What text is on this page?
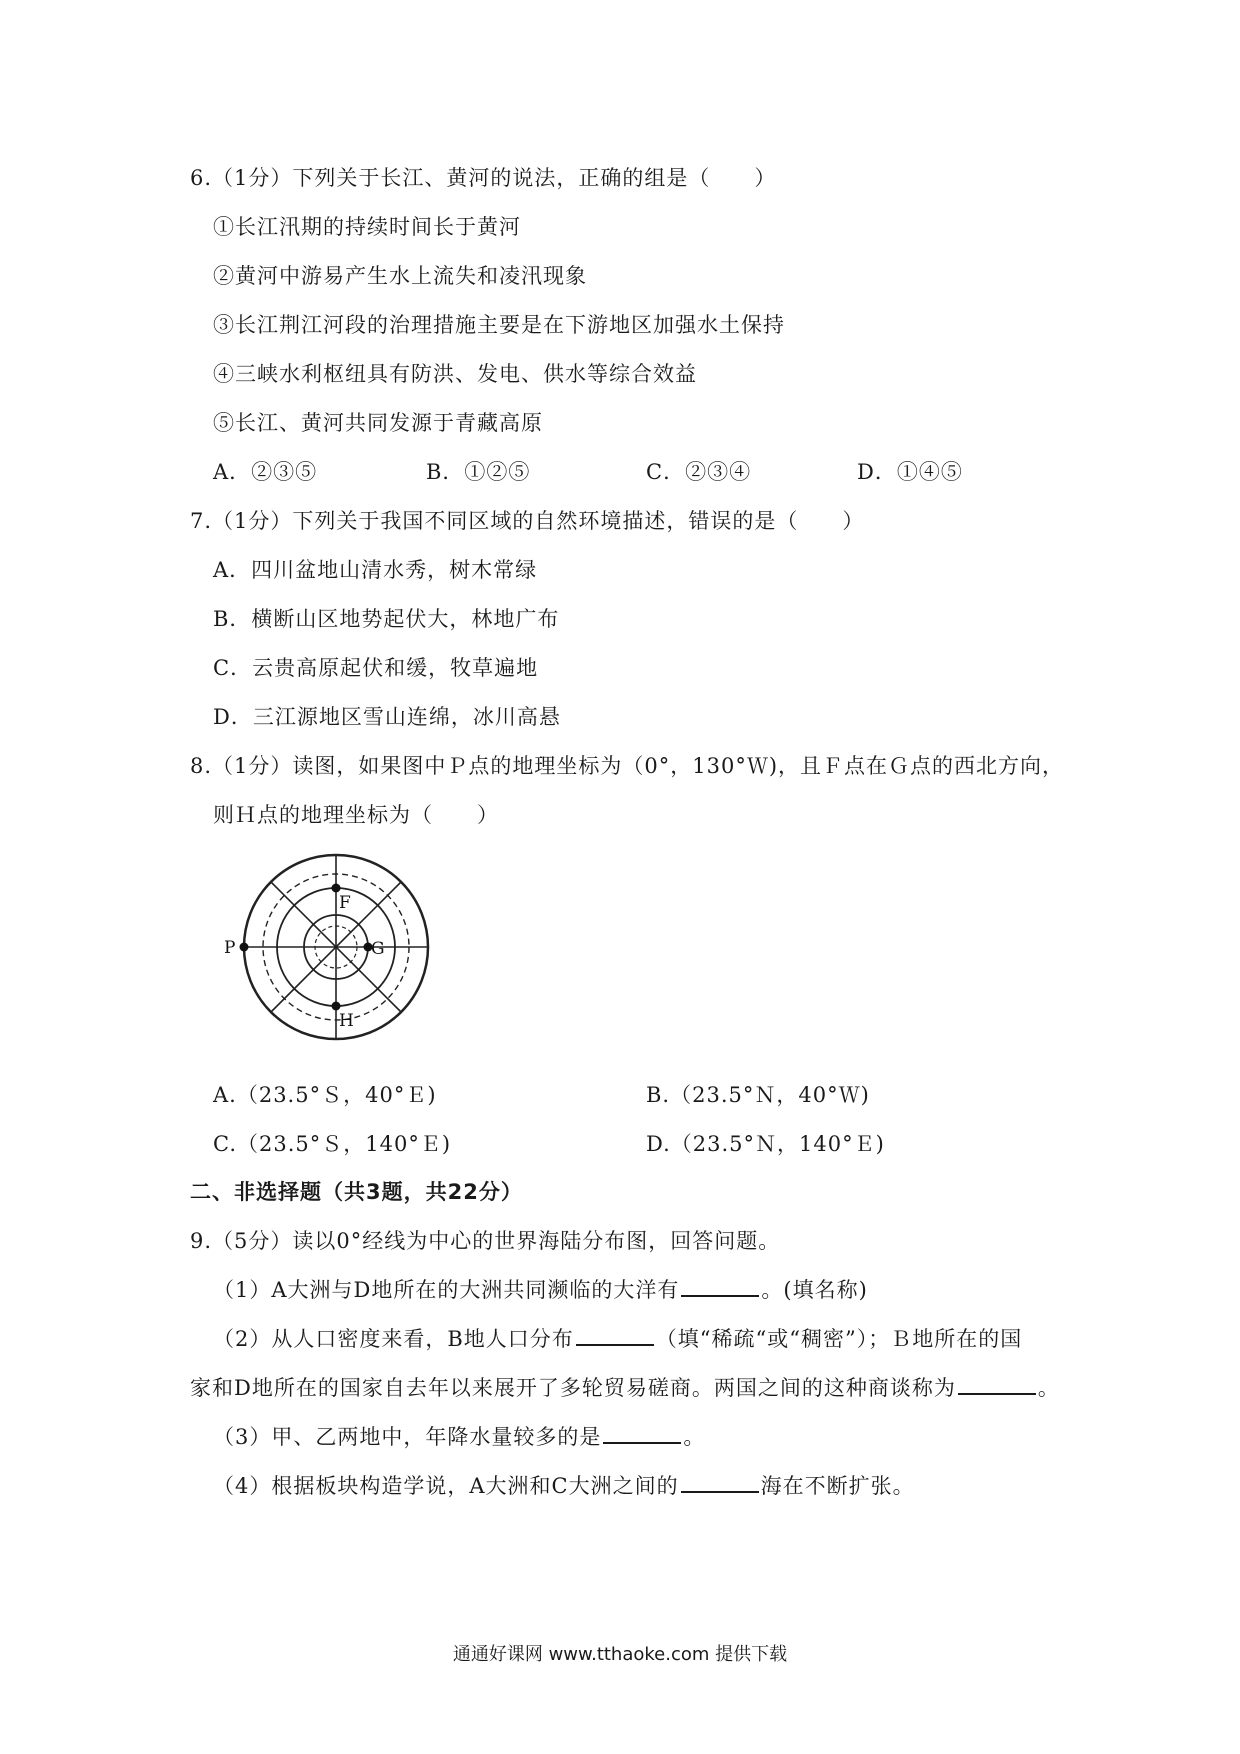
6.（1分）下列关于长江、黄河的说法，正确的组是（　　）
①长江汛期的持续时间长于黄河
②黄河中游易产生水上流失和凌汛现象
③长江荆江河段的治理措施主要是在下游地区加强水土保持
④三峡水利枢纽具有防洪、发电、供水等综合效益
⑤长江、黄河共同发源于青藏高原
A．②③⑤	B．①②⑤	C．②③④	D．①④⑤
7.（1分）下列关于我国不同区域的自然环境描述，错误的是（　　）
A．四川盆地山清水秀，树木常绿
B．横断山区地势起伏大，林地广布
C．云贵高原起伏和缓，牧草遍地
D．三江源地区雪山连绵，冰川高悬
8.（1分）读图，如果图中Ｐ点的地理坐标为（0°，130°Ｗ)，且Ｆ点在Ｇ点的西北方向，
则Ｈ点的地理坐标为（　　）
P
F
G
H
A.（23.5°Ｓ，40°Ｅ)	B.（23.5°Ｎ，40°Ｗ)
C.（23.5°Ｓ，140°Ｅ)	D.（23.5°Ｎ，140°Ｅ)
二、非选择题（共3题，共22分）
9.（5分）读以0°经线为中心的世界海陆分布图，回答问题。
（1）A大洲与D地所在的大洲共同濒临的大洋有	。(填名称)
（2）从人口密度来看，B地人口分布	（填“稀疏“或“稠密”）；Ｂ地所在的国
家和D地所在的国家自去年以来展开了多轮贸易磋商。两国之间的这种商谈称为	。
（3）甲、乙两地中，年降水量较多的是	。
（4）根据板块构造学说，A大洲和C大洲之间的	海在不断扩张。
通通好课网 www.tthaoke.com 提供下载
